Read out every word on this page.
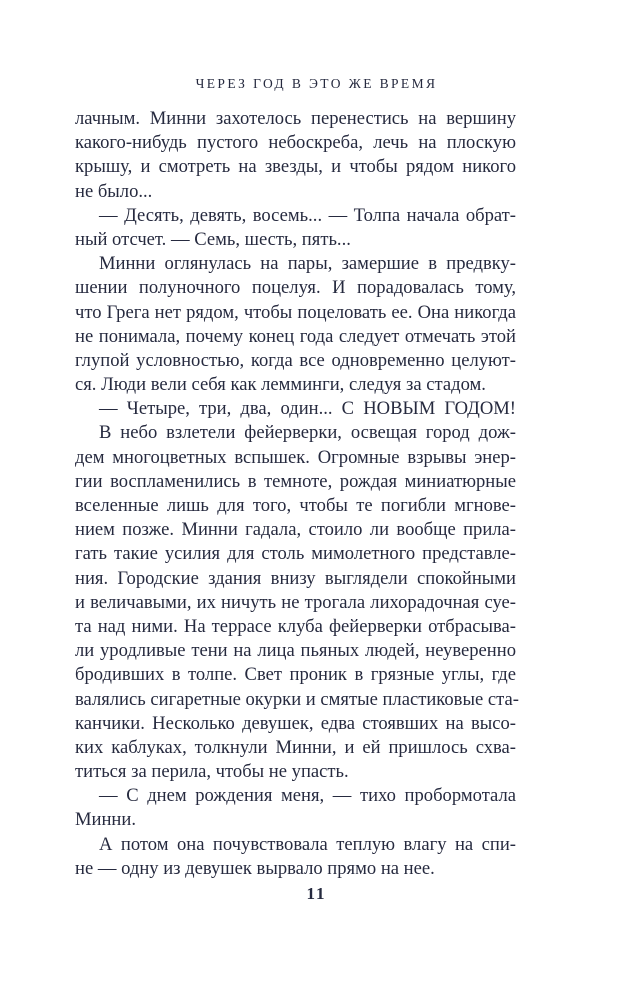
ЧЕРЕЗ ГОД В ЭТО ЖЕ ВРЕМЯ
лачным. Минни захотелось перенестись на вершину
какого-нибудь пустого небоскреба, лечь на плоскую
крышу, и смотреть на звезды, и чтобы рядом никого
не было...
— Десять, девять, восемь... — Толпа начала обрат-
ный отсчет. — Семь, шесть, пять...
Минни оглянулась на пары, замершие в предвку-
шении полуночного поцелуя. И порадовалась тому,
что Грега нет рядом, чтобы поцеловать ее. Она никогда
не понимала, почему конец года следует отмечать этой
глупой условностью, когда все одновременно целуют-
ся. Люди вели себя как лемминги, следуя за стадом.
— Четыре, три, два, один... С НОВЫМ ГОДОМ!
В небо взлетели фейерверки, освещая город дож-
дем многоцветных вспышек. Огромные взрывы энер-
гии воспламенились в темноте, рождая миниатюрные
вселенные лишь для того, чтобы те погибли мгнове-
нием позже. Минни гадала, стоило ли вообще прила-
гать такие усилия для столь мимолетного представле-
ния. Городские здания внизу выглядели спокойными
и величавыми, их ничуть не трогала лихорадочная суе-
та над ними. На террасе клуба фейерверки отбрасыва-
ли уродливые тени на лица пьяных людей, неуверенно
бродивших в толпе. Свет проник в грязные углы, где
валялись сигаретные окурки и смятые пластиковые ста-
канчики. Несколько девушек, едва стоявших на высо-
ких каблуках, толкнули Минни, и ей пришлось схва-
титься за перила, чтобы не упасть.
— С днем рождения меня, — тихо пробормотала
Минни.
А потом она почувствовала теплую влагу на спи-
не — одну из девушек вырвало прямо на нее.
11
